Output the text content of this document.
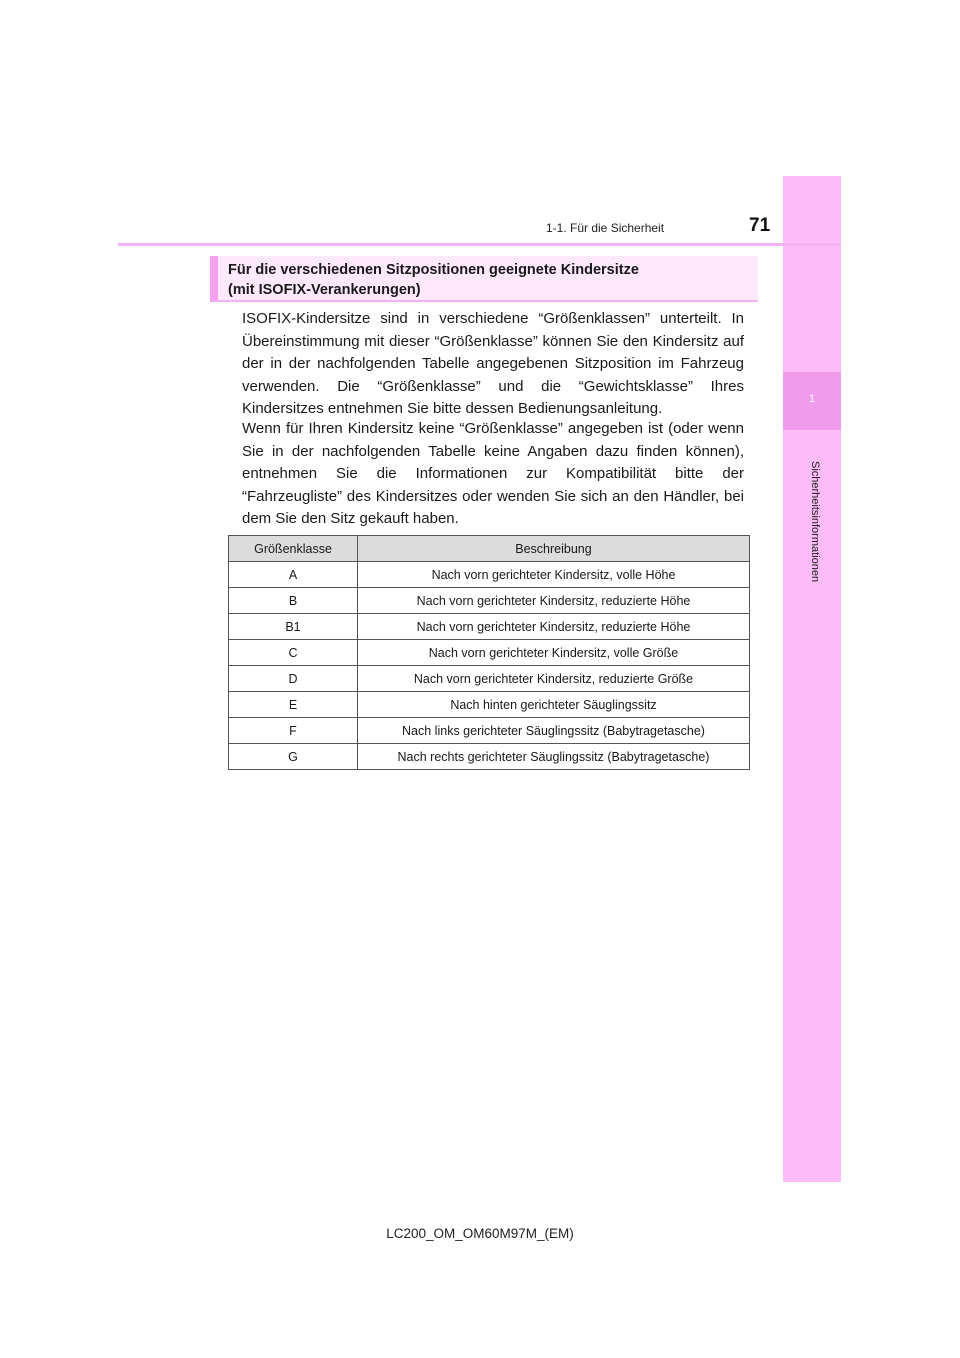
1
Sicherheitsinformationen
1-1. Für die Sicherheit	71
Für die verschiedenen Sitzpositionen geeignete Kindersitze
(mit ISOFIX-Verankerungen)

ISOFIX-Kindersitze sind in verschiedene “Größenklassen” unterteilt. In Übereinstimmung mit dieser “Größenklasse” können Sie den Kindersitz auf der in der nachfolgenden Tabelle angegebenen Sitzposition im Fahrzeug verwenden. Die “Größenklasse” und die “Gewichtsklasse” Ihres Kindersitzes entnehmen Sie bitte dessen Bedienungsanleitung.

Wenn für Ihren Kindersitz keine “Größenklasse” angegeben ist (oder wenn Sie in der nachfolgenden Tabelle keine Angaben dazu finden können), entnehmen Sie die Informationen zur Kompatibilität bitte der “Fahrzeugliste” des Kindersitzes oder wenden Sie sich an den Händler, bei dem Sie den Sitz gekauft haben.

Größenklasse	Beschreibung
A	Nach vorn gerichteter Kindersitz, volle Höhe
B	Nach vorn gerichteter Kindersitz, reduzierte Höhe
B1	Nach vorn gerichteter Kindersitz, reduzierte Höhe
C	Nach vorn gerichteter Kindersitz, volle Größe
D	Nach vorn gerichteter Kindersitz, reduzierte Größe
E	Nach hinten gerichteter Säuglingssitz
F	Nach links gerichteter Säuglingssitz (Babytragetasche)
G	Nach rechts gerichteter Säuglingssitz (Babytragetasche)
LC200_OM_OM60M97M_(EM)
